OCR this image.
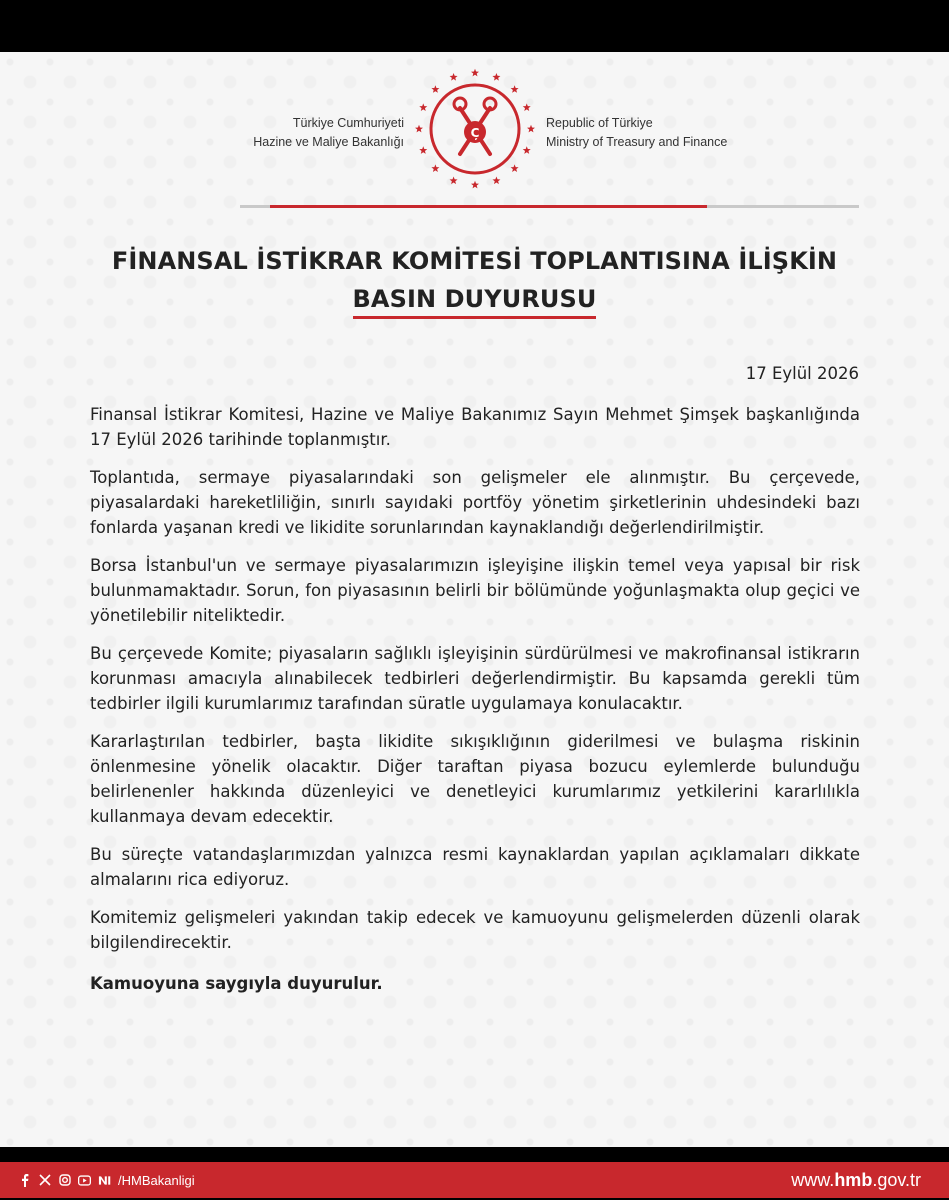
Türkiye Cumhuriyeti
Hazine ve Maliye Bakanlığı
C̦
Republic of Türkiye
Ministry of Treasury and Finance
FİNANSAL İSTİKRAR KOMİTESİ TOPLANTISINA İLİŞKİN
BASIN DUYURUSU
17 Eylül 2026

Finansal İstikrar Komitesi, Hazine ve Maliye Bakanımız Sayın Mehmet Şimşek başkanlığında 17 Eylül 2026 tarihinde toplanmıştır.

Toplantıda, sermaye piyasalarındaki son gelişmeler ele alınmıştır. Bu çerçevede, piyasalardaki hareketliliğin, sınırlı sayıdaki portföy yönetim şirketlerinin uhdesindeki bazı fonlarda yaşanan kredi ve likidite sorunlarından kaynaklandığı değerlendirilmiştir.

Borsa İstanbul'un ve sermaye piyasalarımızın işleyişine ilişkin temel veya yapısal bir risk bulunmamaktadır. Sorun, fon piyasasının belirli bir bölümünde yoğunlaşmakta olup geçici ve yönetilebilir niteliktedir.

Bu çerçevede Komite; piyasaların sağlıklı işleyişinin sürdürülmesi ve makrofinansal istikrarın korunması amacıyla alınabilecek tedbirleri değerlendirmiştir. Bu kapsamda gerekli tüm tedbirler ilgili kurumlarımız tarafından süratle uygulamaya konulacaktır.

Kararlaştırılan tedbirler, başta likidite sıkışıklığının giderilmesi ve bulaşma riskinin önlenmesine yönelik olacaktır. Diğer taraftan piyasa bozucu eylemlerde bulunduğu belirlenenler hakkında düzenleyici ve denetleyici kurumlarımız yetkilerini kararlılıkla kullanmaya devam edecektir.

Bu süreçte vatandaşlarımızdan yalnızca resmi kaynaklardan yapılan açıklamaları dikkate almalarını rica ediyoruz.

Komitemiz gelişmeleri yakından takip edecek ve kamuoyunu gelişmelerden düzenli olarak bilgilendirecektir.

Kamuoyuna saygıyla duyurulur.

/HMBakanligi	www.hmb.gov.tr
